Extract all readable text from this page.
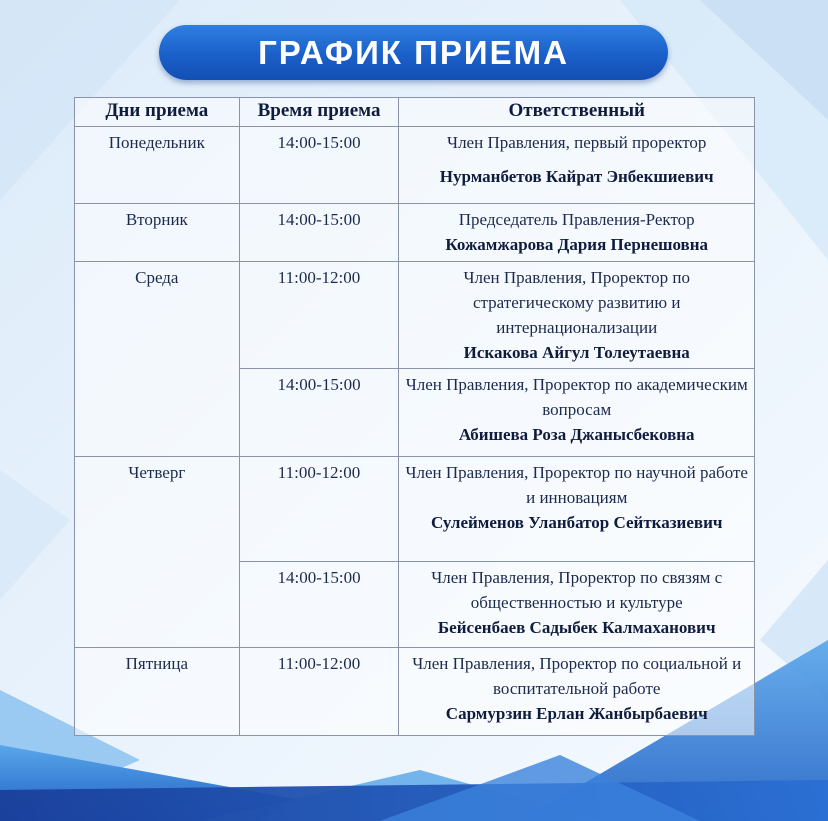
ГРАФИК ПРИЕМА
Дни приема	Время приема	Ответственный
Понедельник	14:00-15:00	Член Правления, первый проректор
Нурманбетов Кайрат Энбекшиевич

Вторник	14:00-15:00	Председатель Правления-Ректор
Кожамжарова Дария Пернешовна

Среда	11:00-12:00	Член Правления, Проректор по стратегическому развитию и интернационализации
Искакова Айгул Толеутаевна

	14:00-15:00	Член Правления, Проректор по академическим вопросам
Абишева Роза Джаныcбековна

Четверг	11:00-12:00	Член Правления, Проректор по научной работе и инновациям
Сулейменов Уланбатор Сейтказиевич

	14:00-15:00	Член Правления, Проректор по связям с общественностью и культуре
Бейсенбаев Садыбек Калмаханович

Пятница	11:00-12:00	Член Правления, Проректор по социальной и воспитательной работе
Сармурзин Ерлан Жанбырбаевич
